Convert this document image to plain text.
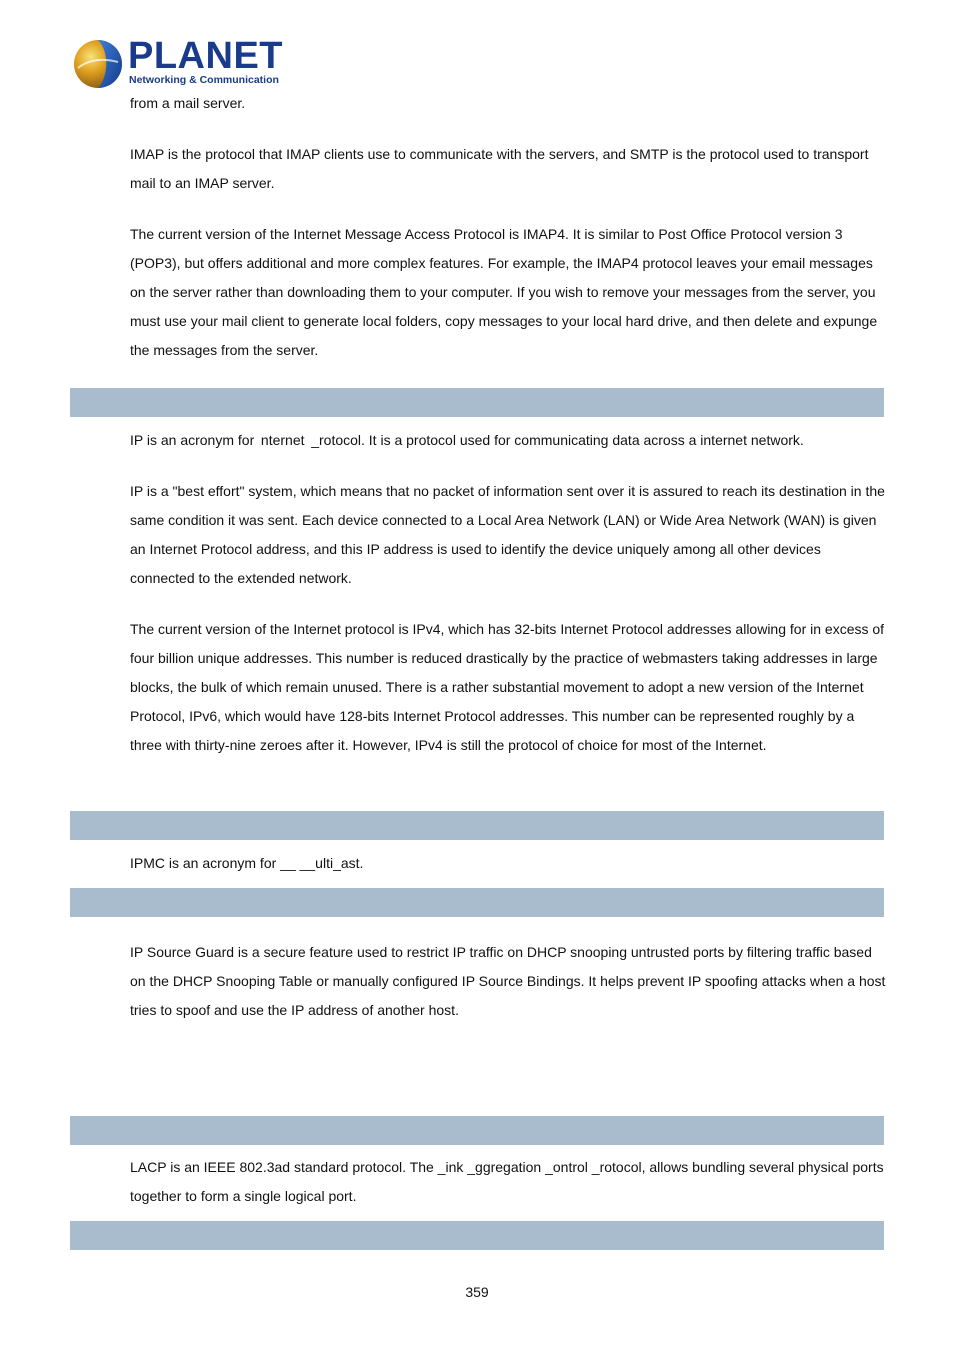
PLANET
Networking & Communication

from a mail server.

IMAP is the protocol that IMAP clients use to communicate with the servers, and SMTP is the protocol used to transport mail to an IMAP server.

The current version of the Internet Message Access Protocol is IMAP4. It is similar to Post Office Protocol version 3 (POP3), but offers additional and more complex features. For example, the IMAP4 protocol leaves your email messages on the server rather than downloading them to your computer. If you wish to remove your messages from the server, you must use your mail client to generate local folders, copy messages to your local hard drive, and then delete and expunge the messages from the server.

IP is an acronym for  nternet  _rotocol. It is a protocol used for communicating data across a internet network.

IP is a "best effort" system, which means that no packet of information sent over it is assured to reach its destination in the same condition it was sent. Each device connected to a Local Area Network (LAN) or Wide Area Network (WAN) is given an Internet Protocol address, and this IP address is used to identify the device uniquely among all other devices connected to the extended network.

The current version of the Internet protocol is IPv4, which has 32-bits Internet Protocol addresses allowing for in excess of four billion unique addresses. This number is reduced drastically by the practice of webmasters taking addresses in large blocks, the bulk of which remain unused. There is a rather substantial movement to adopt a new version of the Internet Protocol, IPv6, which would have 128-bits Internet Protocol addresses. This number can be represented roughly by a three with thirty-nine zeroes after it. However, IPv4 is still the protocol of choice for most of the Internet.

IPMC is an acronym for __ __ulti_ast.

IP Source Guard is a secure feature used to restrict IP traffic on DHCP snooping untrusted ports by filtering traffic based on the DHCP Snooping Table or manually configured IP Source Bindings. It helps prevent IP spoofing attacks when a host tries to spoof and use the IP address of another host.

LACP is an IEEE 802.3ad standard protocol. The _ink _ggregation _ontrol _rotocol, allows bundling several physical ports together to form a single logical port.

359
